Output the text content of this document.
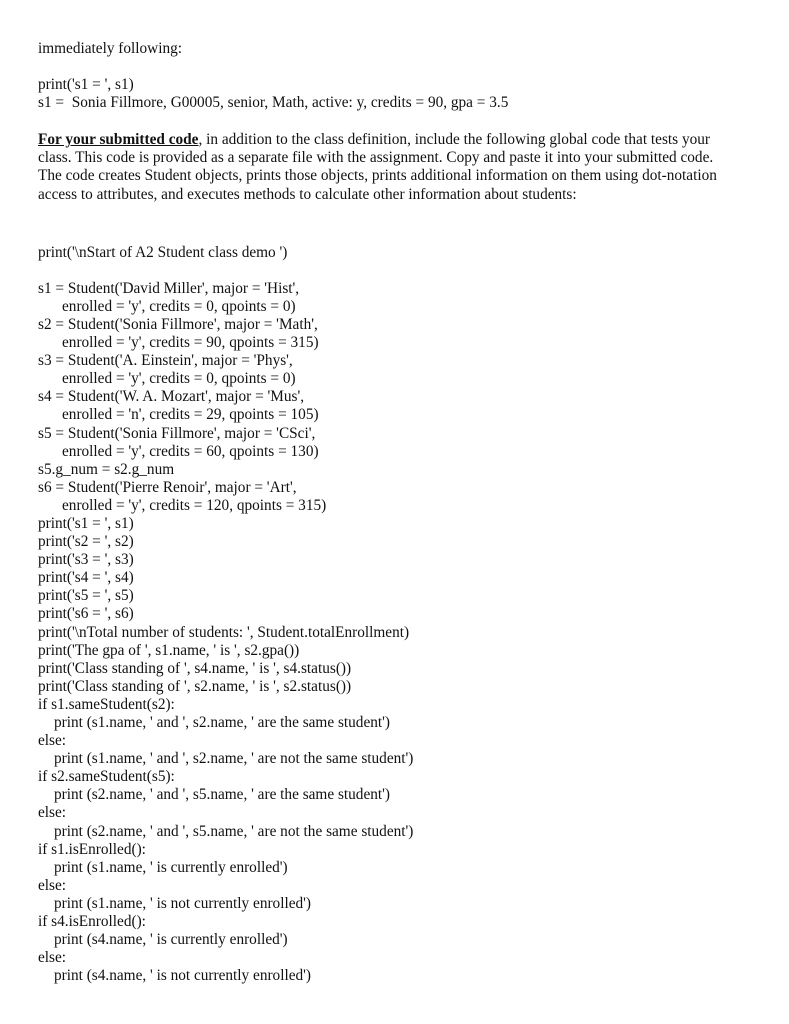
immediately following:
print('s1 = ', s1)
s1 =  Sonia Fillmore, G00005, senior, Math, active: y, credits = 90, gpa = 3.5
For your submitted code, in addition to the class definition, include the following global code that tests your
class. This code is provided as a separate file with the assignment. Copy and paste it into your submitted code.
The code creates Student objects, prints those objects, prints additional information on them using dot-notation
access to attributes, and executes methods to calculate other information about students:
print('\nStart of A2 Student class demo ')
s1 = Student('David Miller', major = 'Hist',
enrolled = 'y', credits = 0, qpoints = 0)
s2 = Student('Sonia Fillmore', major = 'Math',
enrolled = 'y', credits = 90, qpoints = 315)
s3 = Student('A. Einstein', major = 'Phys',
enrolled = 'y', credits = 0, qpoints = 0)
s4 = Student('W. A. Mozart', major = 'Mus',
enrolled = 'n', credits = 29, qpoints = 105)
s5 = Student('Sonia Fillmore', major = 'CSci',
enrolled = 'y', credits = 60, qpoints = 130)
s5.g_num = s2.g_num
s6 = Student('Pierre Renoir', major = 'Art',
enrolled = 'y', credits = 120, qpoints = 315)
print('s1 = ', s1)
print('s2 = ', s2)
print('s3 = ', s3)
print('s4 = ', s4)
print('s5 = ', s5)
print('s6 = ', s6)
print('\nTotal number of students: ', Student.totalEnrollment)
print('The gpa of ', s1.name, ' is ', s2.gpa())
print('Class standing of ', s4.name, ' is ', s4.status())
print('Class standing of ', s2.name, ' is ', s2.status())
if s1.sameStudent(s2):
print (s1.name, ' and ', s2.name, ' are the same student')
else:
print (s1.name, ' and ', s2.name, ' are not the same student')
if s2.sameStudent(s5):
print (s2.name, ' and ', s5.name, ' are the same student')
else:
print (s2.name, ' and ', s5.name, ' are not the same student')
if s1.isEnrolled():
print (s1.name, ' is currently enrolled')
else:
print (s1.name, ' is not currently enrolled')
if s4.isEnrolled():
print (s4.name, ' is currently enrolled')
else:
print (s4.name, ' is not currently enrolled')
